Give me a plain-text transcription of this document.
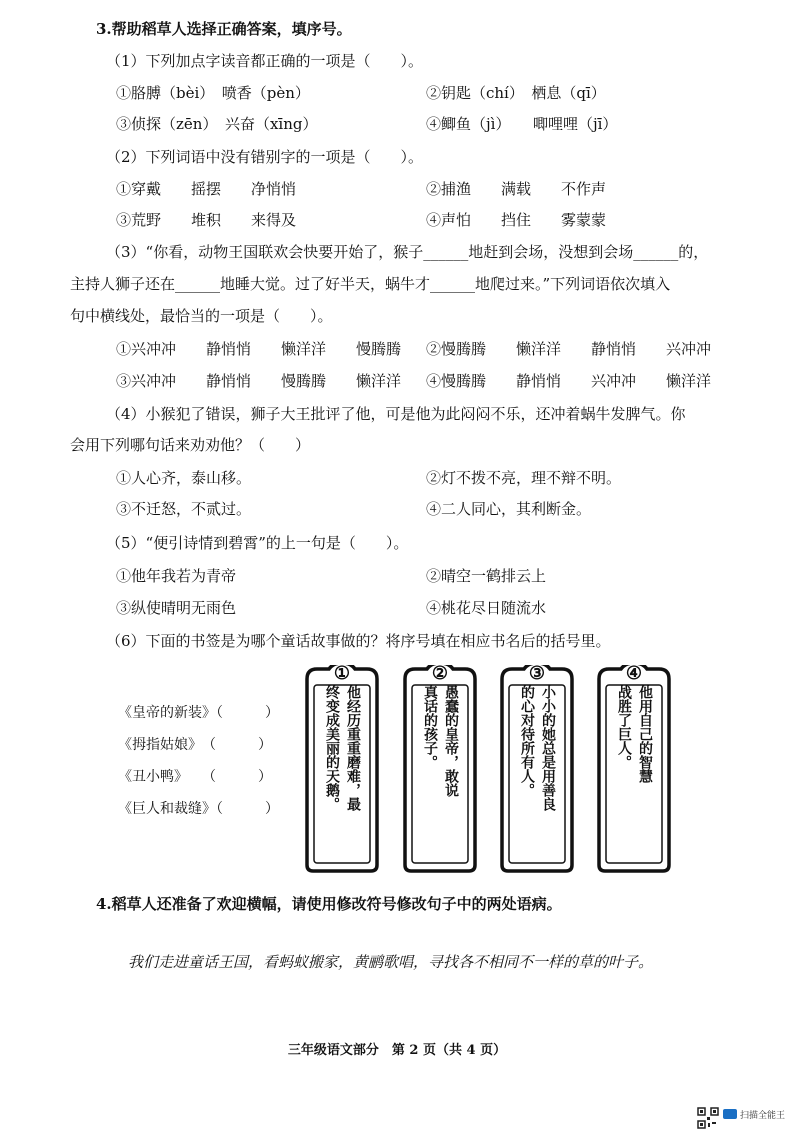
3.帮助稻草人选择正确答案，填序号。
（1）下列加点字读音都正确的一项是（　　）。
①胳膊（bèi）　喷香（pèn）	②钥匙（chí）　栖息（qī）
③侦探（zēn）　兴奋（xīng）	④鲫鱼（jì）　　唧哩哩（jī）
（2）下列词语中没有错别字的一项是（　　）。
①穿戴　　摇摆　　净悄悄	②捕渔　　满载　　不作声
③荒野　　堆积　　来得及	④声怕　　挡住　　雾蒙蒙
（3）“你看，动物王国联欢会快要开始了，猴子______地赶到会场，没想到会场______的，
主持人狮子还在______地睡大觉。过了好半天，蜗牛才______地爬过来。”下列词语依次填入
句中横线处，最恰当的一项是（　　）。
①兴冲冲　　静悄悄　　懒洋洋　　慢腾腾 ②慢腾腾　　懒洋洋　　静悄悄　　兴冲冲
③兴冲冲　　静悄悄　　慢腾腾　　懒洋洋 ④慢腾腾　　静悄悄　　兴冲冲　　懒洋洋
（4）小猴犯了错误，狮子大王批评了他，可是他为此闷闷不乐，还冲着蜗牛发脾气。你
会用下列哪句话来劝劝他？（　　）
①人心齐，泰山移。	②灯不拨不亮，理不辩不明。
③不迁怒，不贰过。	④二人同心，其利断金。
（5）“便引诗情到碧霄”的上一句是（　　）。
①他年我若为青帝	②晴空一鹤排云上
③纵使晴明无雨色	④桃花尽日随流水
（6）下面的书签是为哪个童话故事做的？将序号填在相应书名后的括号里。
《皇帝的新装》（　　　）
《拇指姑娘》　（　　　）
《丑小鸭》　　（　　　）
《巨人和裁缝》（　　　）
①
他经历重重磨难，最
终变成美丽的天鹅。
②
愚蠢的皇帝，敢说
真话的孩子。
③
小小的她总是用善良
的心对待所有人。
④
他用自己的智慧
战胜了巨人。
4.稻草人还准备了欢迎横幅，请使用修改符号修改句子中的两处语病。
我们走进童话王国，看蚂蚁搬家，黄鹂歌唱，寻找各不相同不一样的草的叶子。
三年级语文部分　第 2 页（共 4 页）
扫描全能王
